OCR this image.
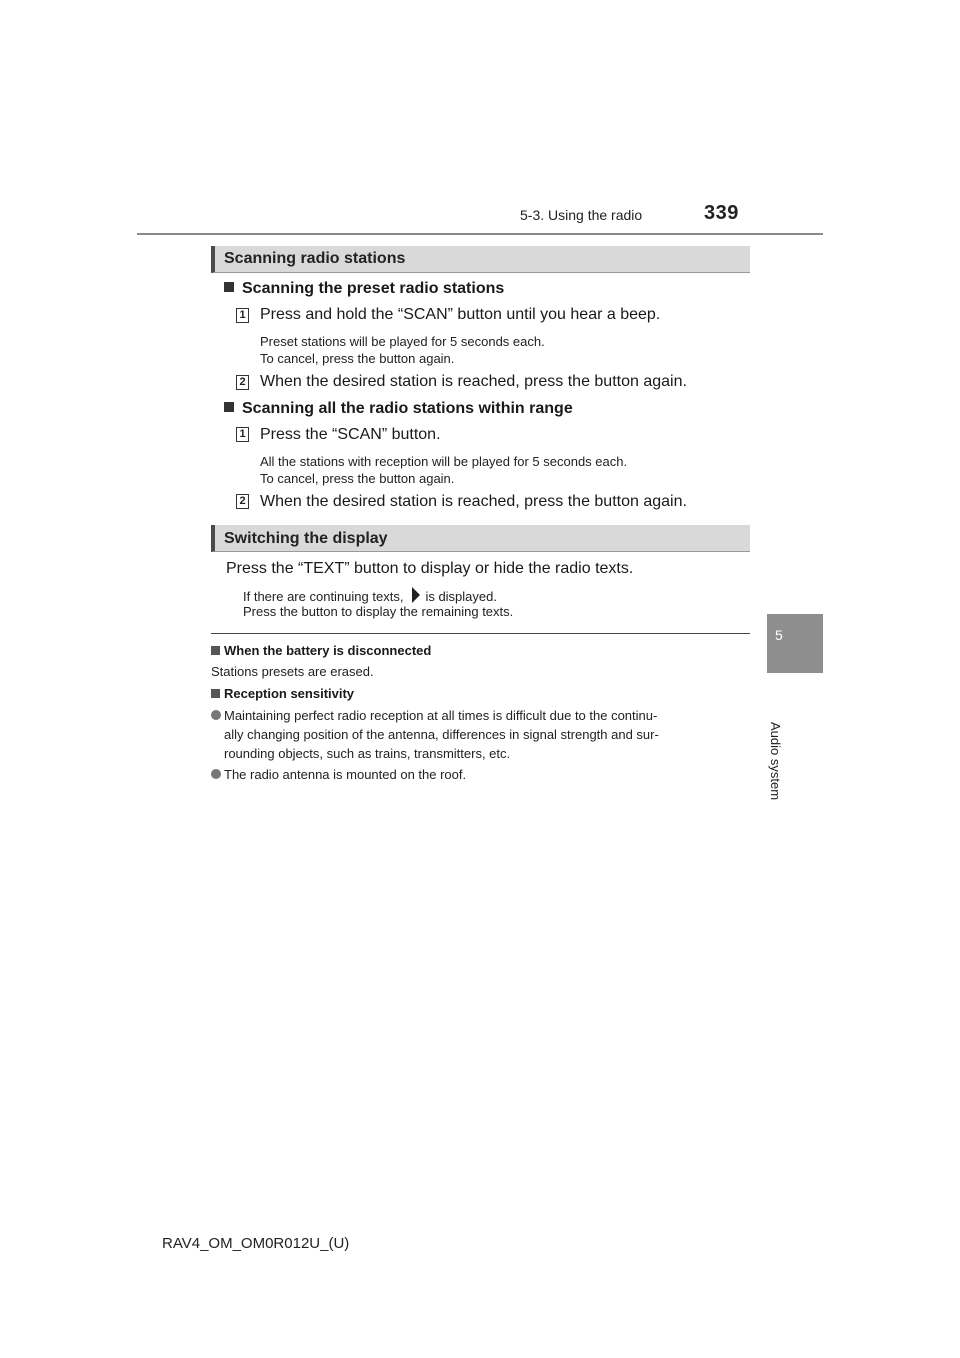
5-3. Using the radio	339
5
Audio system
Scanning radio stations
Scanning the preset radio stations
1 Press and hold the “SCAN” button until you hear a beep.
Preset stations will be played for 5 seconds each.
To cancel, press the button again.
2 When the desired station is reached, press the button again.
Scanning all the radio stations within range
1 Press the “SCAN” button.
All the stations with reception will be played for 5 seconds each.
To cancel, press the button again.
2 When the desired station is reached, press the button again.
Switching the display
Press the “TEXT” button to display or hide the radio texts.
If there are continuing texts, is displayed.
Press the button to display the remaining texts.
When the battery is disconnected
Stations presets are erased.
Reception sensitivity
Maintaining perfect radio reception at all times is difficult due to the continu-
ally changing position of the antenna, differences in signal strength and sur-
rounding objects, such as trains, transmitters, etc.
The radio antenna is mounted on the roof.
RAV4_OM_OM0R012U_(U)
